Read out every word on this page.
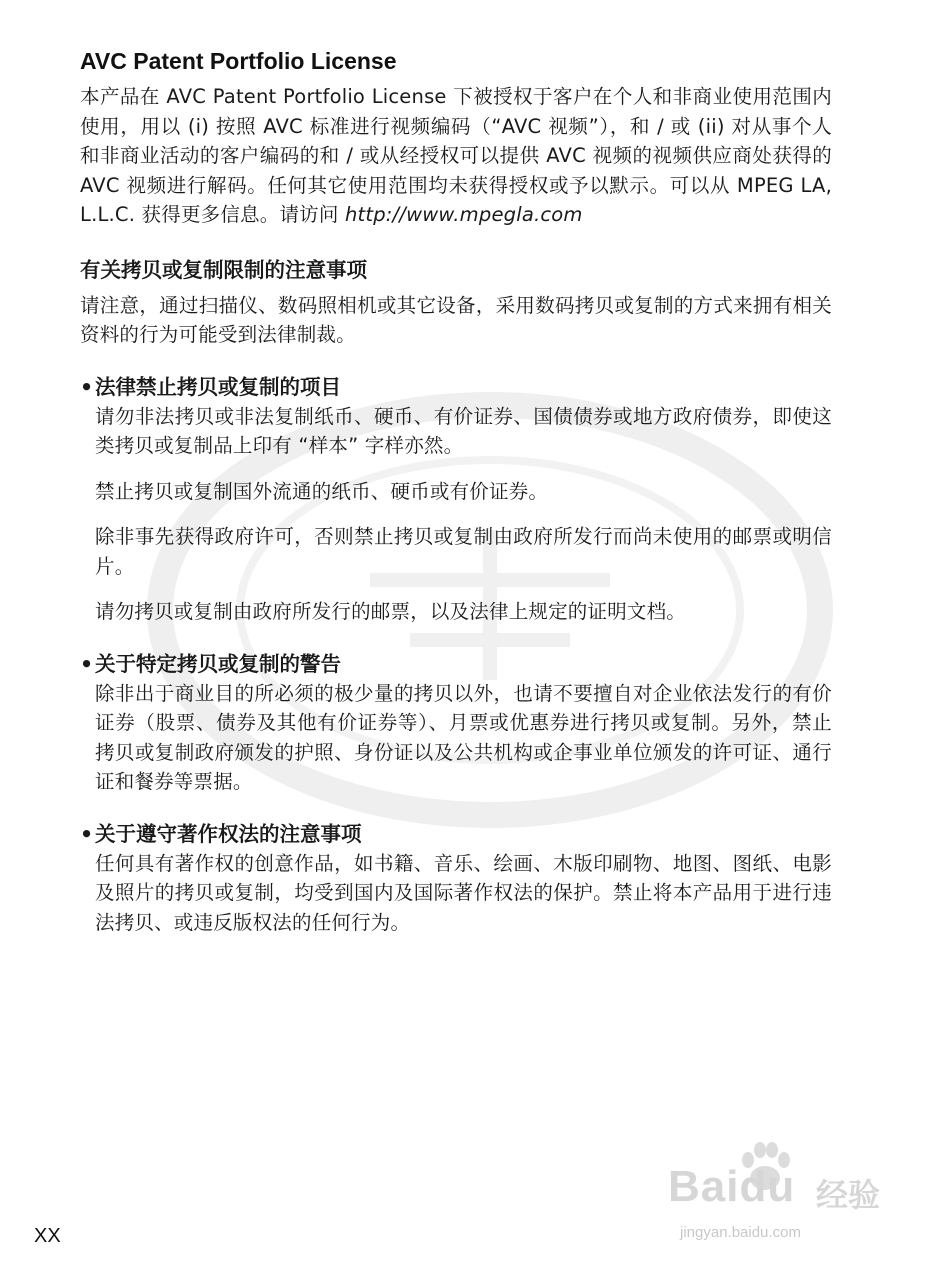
AVC Patent Portfolio License

本产品在 AVC Patent Portfolio License 下被授权于客户在个人和非商业使用范围内使用，用以 (i) 按照 AVC 标准进行视频编码（“AVC 视频”），和 / 或 (ii) 对从事个人和非商业活动的客户编码的和 / 或从经授权可以提供 AVC 视频的视频供应商处获得的 AVC 视频进行解码。任何其它使用范围均未获得授权或予以默示。可以从 MPEG LA, L.L.C. 获得更多信息。请访问 http://www.mpegla.com

有关拷贝或复制限制的注意事项

请注意，通过扫描仪、数码照相机或其它设备，采用数码拷贝或复制的方式来拥有相关资料的行为可能受到法律制裁。

• 法律禁止拷贝或复制的项目

请勿非法拷贝或非法复制纸币、硬币、有价证券、国债债券或地方政府债券，即使这类拷贝或复制品上印有 “样本” 字样亦然。

禁止拷贝或复制国外流通的纸币、硬币或有价证券。

除非事先获得政府许可，否则禁止拷贝或复制由政府所发行而尚未使用的邮票或明信片。

请勿拷贝或复制由政府所发行的邮票，以及法律上规定的证明文档。

• 关于特定拷贝或复制的警告

除非出于商业目的所必须的极少量的拷贝以外，也请不要擅自对企业依法发行的有价证券（股票、债券及其他有价证券等）、月票或优惠券进行拷贝或复制。另外，禁止拷贝或复制政府颁发的护照、身份证以及公共机构或企事业单位颁发的许可证、通行证和餐券等票据。

• 关于遵守著作权法的注意事项

任何具有著作权的创意作品，如书籍、音乐、绘画、木版印刷物、地图、图纸、电影及照片的拷贝或复制，均受到国内及国际著作权法的保护。禁止将本产品用于进行违法拷贝、或违反版权法的任何行为。

XX
Baidu 经验
jingyan.baidu.com
